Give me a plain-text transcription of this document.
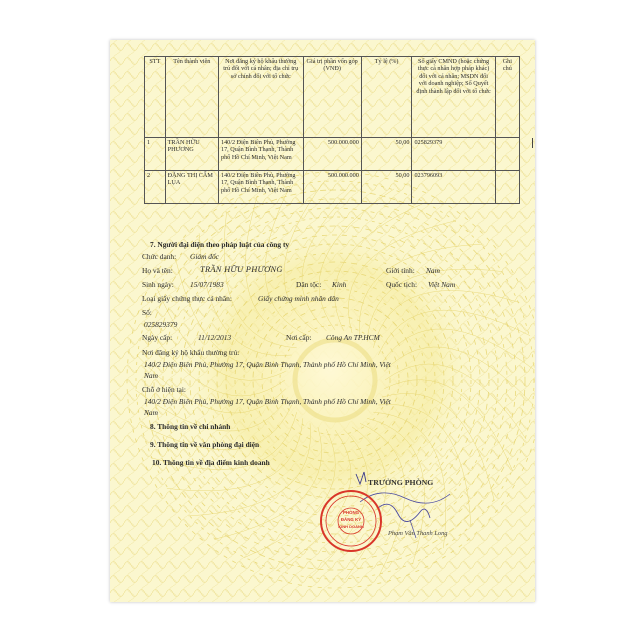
STT	Tên thành viên	Nơi đăng ký hộ khẩu thường trú đối với cá nhân; địa chỉ trụ sở chính đối với tổ chức	Giá trị phần vốn góp (VNĐ)	Tỷ lệ (%)	Số giấy CMND (hoặc chứng thực cá nhân hợp pháp khác) đối với cá nhân; MSDN đối với doanh nghiệp; Số Quyết định thành lập đối với tổ chức	Ghi chú
1	TRẦN HỮU PHƯƠNG	140/2 Điện Biên Phủ, Phường 17, Quận Bình Thạnh, Thành phố Hồ Chí Minh, Việt Nam	500.000.000	50,00	025829379	
2	ĐẶNG THỊ CẨM LỤA	140/2 Điện Biên Phủ, Phường 17, Quận Bình Thạnh, Thành phố Hồ Chí Minh, Việt Nam	500.000.000	50,00	023796093	
7. Người đại diện theo pháp luật của công ty
Chức danh: Giám đốc
Họ và tên:	TRẦN HỮU PHƯƠNG	Giới tính: Nam
Sinh ngày: 15/07/1983	Dân tộc: Kinh	Quốc tịch: Việt Nam
Loại giấy chứng thực cá nhân:	Giấy chứng minh nhân dân
Số:
025829379
Ngày cấp:	11/12/2013	Nơi cấp: Công An TP.HCM
Nơi đăng ký hộ khẩu thường trú:
140/2 Điện Biên Phủ, Phường 17, Quận Bình Thạnh, Thành phố Hồ Chí Minh, Việt
Nam
Chỗ ở hiện tại:
140/2 Điện Biên Phủ, Phường 17, Quận Bình Thạnh, Thành phố Hồ Chí Minh, Việt
Nam
8. Thông tin về chi nhánh
9. Thông tin về văn phòng đại diện
10. Thông tin về địa điểm kinh doanh
TRƯỞNG PHÒNG
PHÒNG
ĐĂNG KÝ
KINH DOANH
Phạm Văn Thanh Long
